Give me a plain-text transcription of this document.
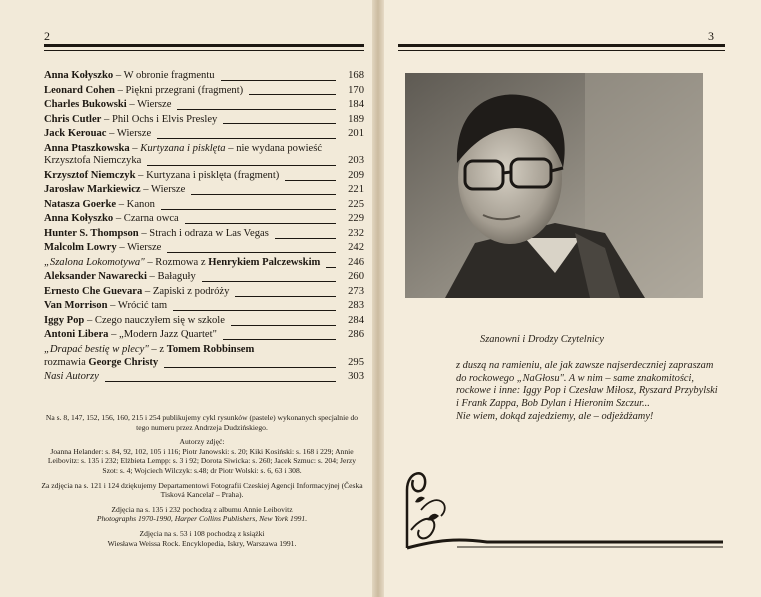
2
Anna Kołyszko – W obronie fragmentu	168
Leonard Cohen – Piękni przegrani (fragment)	170
Charles Bukowski – Wiersze	184
Chris Cutler – Phil Ochs i Elvis Presley	189
Jack Kerouac – Wiersze	201
Anna Ptaszkowska – Kurtyzana i pisklęta – nie wydana powieść
Krzysztofa Niemczyka	203
Krzysztof Niemczyk – Kurtyzana i pisklęta (fragment)	209
Jarosław Markiewicz – Wiersze	221
Natasza Goerke – Kanon	225
Anna Kołyszko – Czarna owca	229
Hunter S. Thompson – Strach i odraza w Las Vegas	232
Malcolm Lowry – Wiersze	242
„Szalona Lokomotywa" – Rozmowa z Henrykiem Palczewskim	246
Aleksander Nawarecki – Bałaguły	260
Ernesto Che Guevara – Zapiski z podróży	273
Van Morrison – Wrócić tam	283
Iggy Pop – Czego nauczyłem się w szkole	284
Antoni Libera – „Modern Jazz Quartet"	286
„Drapać bestię w plecy" – z Tomem Robbinsem
rozmawia George Christy	295
Nasi Autorzy	303

Na s. 8, 147, 152, 156, 160, 215 i 254 publikujemy cykl rysunków (pastele) wykonanych specjalnie do tego numeru przez Andrzeja Dudzińskiego.

Autorzy zdjęć:

Joanna Helander: s. 84, 92, 102, 105 i 116; Piotr Janowski: s. 20; Kiki Kosiński: s. 168 i 229; Annie Leibovitz: s. 135 i 232; Elżbieta Lempp: s. 3 i 92; Dorota Siwicka: s. 260; Jacek Szmuc: s. 204; Jerzy Szot: s. 4; Wojciech Wilczyk: s.48; dr Piotr Wolski: s. 6, 63 i 308.

Za zdjęcia na s. 121 i 124 dziękujemy Departamentowi Fotografii Czeskiej Agencji Informacyjnej (Česka Tisková Kancelař – Praha).

Zdjęcia na s. 135 i 232 pochodzą z albumu Annie Leibovitz
Photographs 1970-1990, Harper Collins Publishers, New York 1991.

Zdjęcia na s. 53 i 108 pochodzą z książki
Wiesława Weissa Rock. Encyklopedia, Iskry, Warszawa 1991.

3
Szanowni i Drodzy Czytelnicy
z duszą na ramieniu, ale jak zawsze najserdeczniej zapraszam do rockowego „NaGłosu". A w nim – same znakomitości, rockowe i inne: Iggy Pop i Czesław Miłosz, Ryszard Przybylski i Frank Zappa, Bob Dylan i Hieronim Szczur...
Nie wiem, dokąd zajedziemy, ale – odjeżdżamy!
